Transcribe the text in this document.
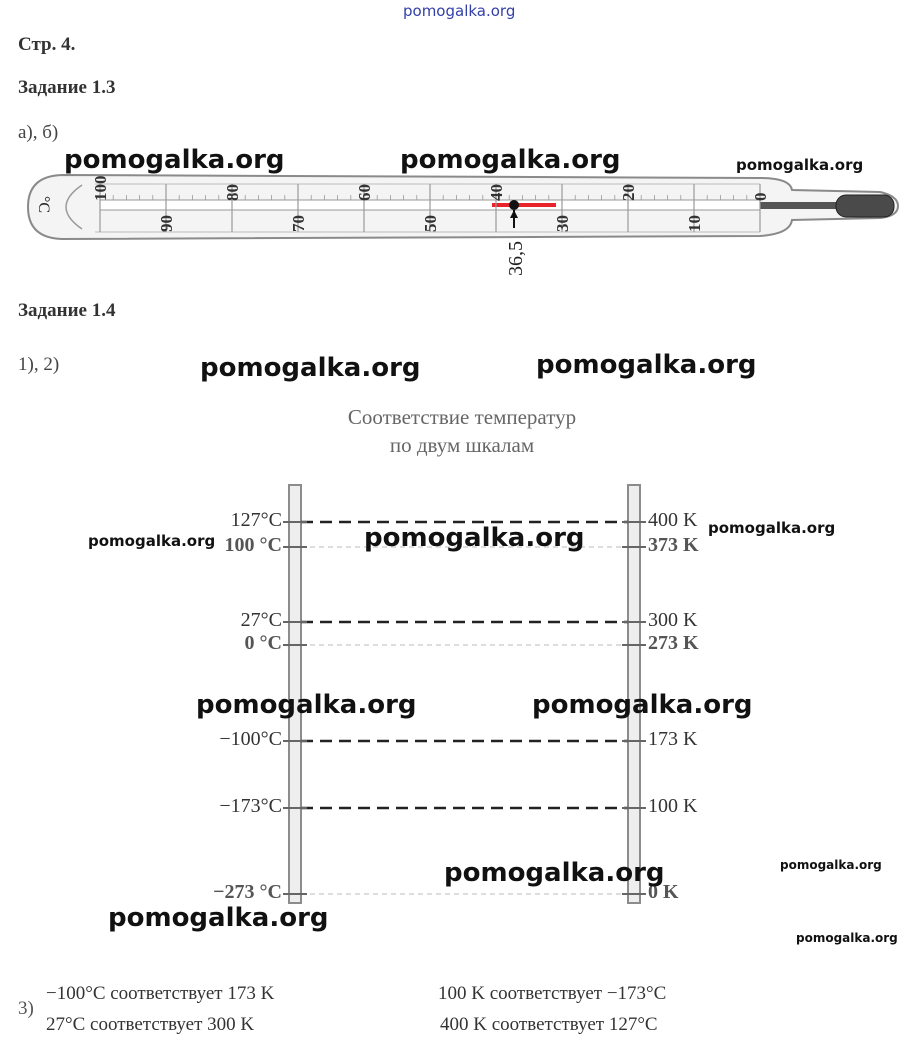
pomogalka.org
Стр. 4.
Задание 1.3
а), б)
°C
100	80	60	40	20	0
90	70	50	30	10
36,5
Задание 1.4
1), 2)
Соответствие температур
по двум шкалам
127°C	400 K
100 °C	373 K
27°C	300 K
0 °C	273 K
−100°C	173 K
−173°C	100 K
−273 °C	0 K
3)
−100°C соответствует 173 K
27°C соответствует 300 K
100 K соответствует −173°C
400 K соответствует 127°C
pomogalka.org	pomogalka.org	pomogalka.org
pomogalka.org	pomogalka.org
pomogalka.org	pomogalka.org	pomogalka.org
pomogalka.org	pomogalka.org
pomogalka.org
pomogalka.org
pomogalka.org
pomogalka.org
